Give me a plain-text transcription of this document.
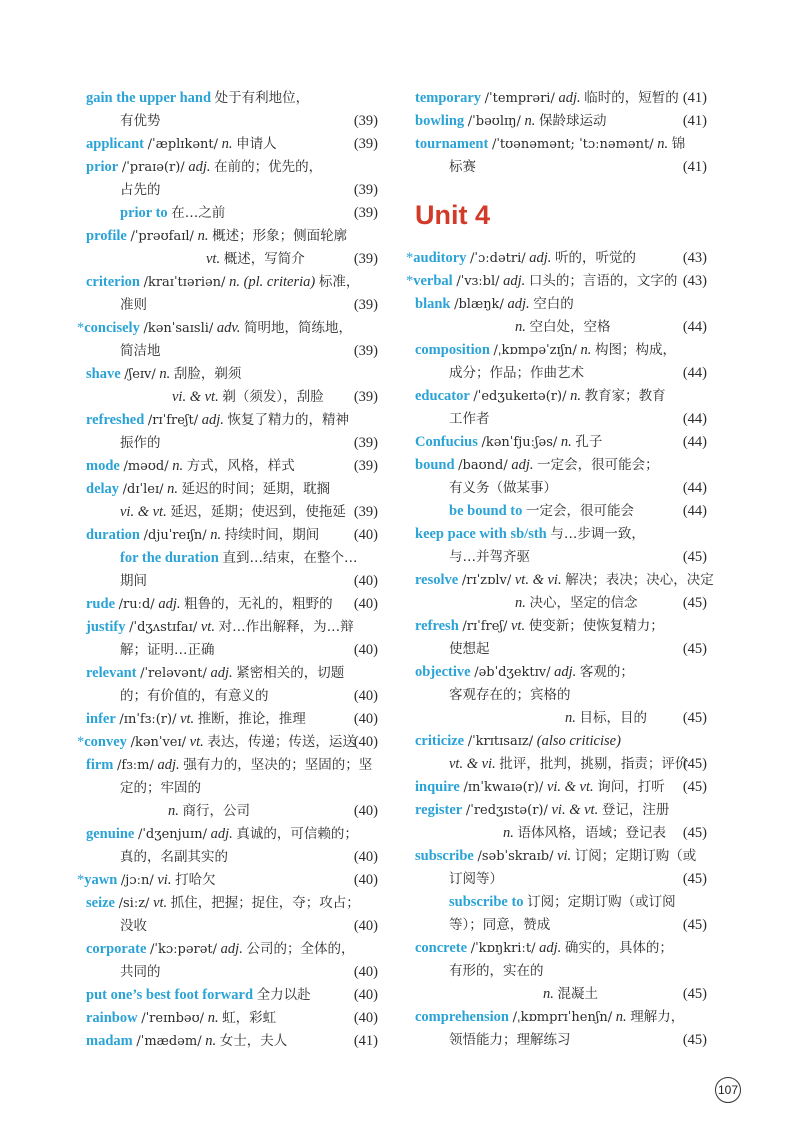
gain the upper hand 处于有利地位，
有优势	(39)
applicant /ˈæplɪkənt/ n. 申请人	(39)
prior /ˈpraɪə(r)/ adj. 在前的；优先的，
占先的	(39)
prior to 在…之前	(39)
profile /ˈprəʊfaɪl/ n. 概述；形象；侧面轮廓
vt. 概述，写简介	(39)
criterion /kraɪˈtɪəriən/ n. (pl. criteria) 标准，
准则	(39)
*concisely /kənˈsaɪsli/ adv. 简明地，简练地，
简洁地	(39)
shave /ʃeɪv/ n. 刮脸，剃须
vi. & vt. 剃（须发），刮脸 (39)
refreshed /rɪˈfreʃt/ adj. 恢复了精力的，精神
振作的	(39)
mode /məʊd/ n. 方式，风格，样式	(39)
delay /dɪˈleɪ/ n. 延迟的时间；延期，耽搁
vi. & vt. 延迟，延期；使迟到，使拖延 (39)
duration /djuˈreɪʃn/ n. 持续时间，期间 (40)
for the duration 直到…结束，在整个…
期间	(40)
rude /ruːd/ adj. 粗鲁的，无礼的，粗野的 (40)
justify /ˈdʒʌstɪfaɪ/ vt. 对…作出解释，为…辩
解；证明…正确	(40)
relevant /ˈreləvənt/ adj. 紧密相关的，切题
的；有价值的，有意义的	(40)
infer /ɪnˈfɜː(r)/ vt. 推断，推论，推理	(40)
*convey /kənˈveɪ/ vt. 表达，传递；传送，运送
(40)
firm /fɜːm/ adj. 强有力的，坚决的；坚固的；坚
定的；牢固的
n. 商行，公司	(40)
genuine /ˈdʒenjuɪn/ adj. 真诚的，可信赖的；
真的，名副其实的	(40)
*yawn /jɔːn/ vi. 打哈欠	(40)
seize /siːz/ vt. 抓住，把握；捉住，夺；攻占；
没收	(40)
corporate /ˈkɔːpərət/ adj. 公司的；全体的，
共同的	(40)
put one’s best foot forward 全力以赴	(40)
rainbow /ˈreɪnbəʊ/ n. 虹，彩虹	(40)
madam /ˈmædəm/ n. 女士，夫人	(41)
temporary /ˈtemprəri/ adj. 临时的，短暂的 (41)
bowling /ˈbəʊlɪŋ/ n. 保龄球运动	(41)
tournament /ˈtʊənəmənt; ˈtɔːnəmənt/ n. 锦
标赛	(41)
Unit 4
*auditory /ˈɔːdətri/ adj. 听的，听觉的	(43)
*verbal /ˈvɜːbl/ adj. 口头的；言语的，文字的 (43)
blank /blæŋk/ adj. 空白的
n. 空白处，空格	(44)
composition /ˌkɒmpəˈzɪʃn/ n. 构图；构成，
成分；作品；作曲艺术	(44)
educator /ˈedʒukeɪtə(r)/ n. 教育家；教育
工作者	(44)
Confucius /kənˈfjuːʃəs/ n. 孔子	(44)
bound /baʊnd/ adj. 一定会，很可能会；
有义务（做某事）	(44)
be bound to 一定会，很可能会	(44)
keep pace with sb/sth 与…步调一致，
与…并驾齐驱	(45)
resolve /rɪˈzɒlv/ vt. & vi. 解决；表决；决心，决定
n. 决心，坚定的信念	(45)
refresh /rɪˈfreʃ/ vt. 使变新；使恢复精力；
使想起	(45)
objective /əbˈdʒektɪv/ adj. 客观的；
客观存在的；宾格的
n. 目标，目的 (45)
criticize /ˈkrɪtɪsaɪz/ (also criticise)
vt. & vi. 批评，批判，挑剔，指责；评价
(45)
inquire /ɪnˈkwaɪə(r)/ vi. & vt. 询问，打听 (45)
register /ˈredʒɪstə(r)/ vi. & vt. 登记，注册
n. 语体风格，语域；登记表 (45)
subscribe /səbˈskraɪb/ vi. 订阅；定期订购（或
订阅等）	(45)
subscribe to 订阅；定期订购（或订阅
等）；同意，赞成	(45)
concrete /ˈkɒŋkriːt/ adj. 确实的，具体的；
有形的，实在的
n. 混凝土	(45)
comprehension /ˌkɒmprɪˈhenʃn/ n. 理解力，
领悟能力；理解练习	(45)
107
